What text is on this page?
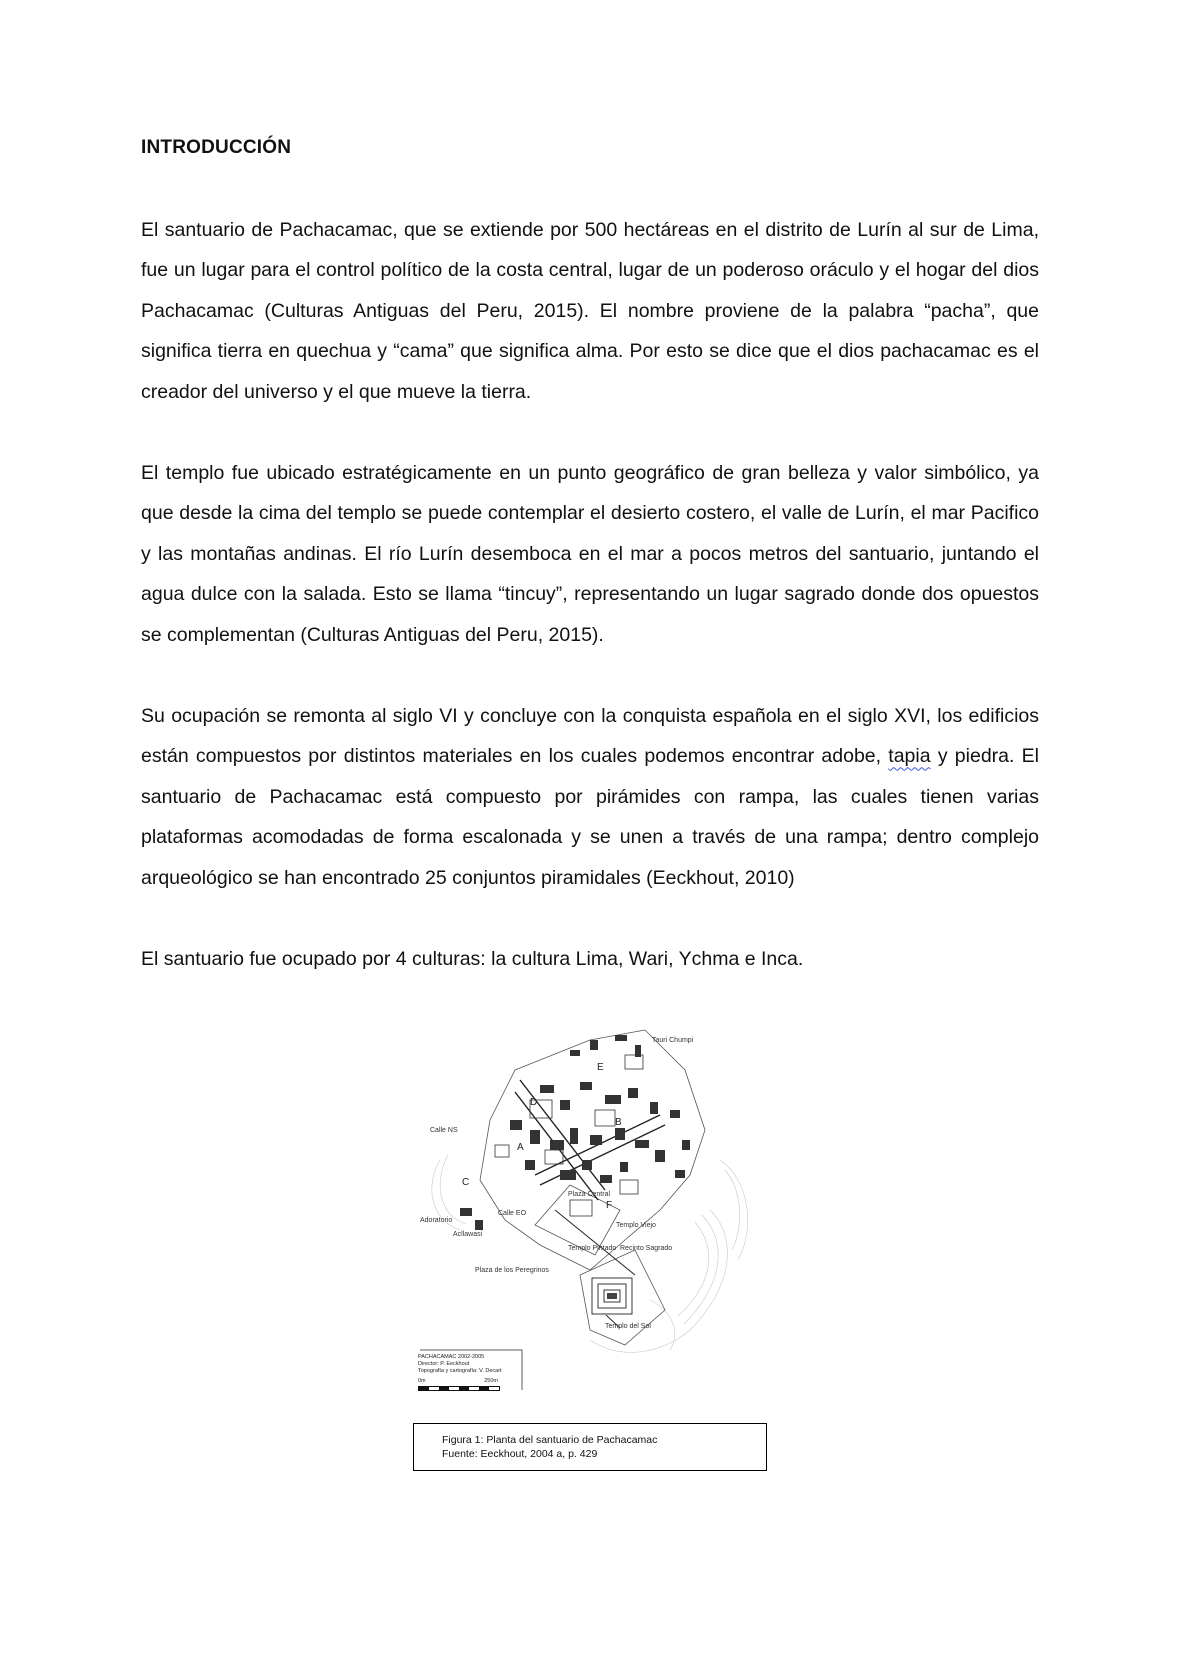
INTRODUCCIÓN

El santuario de Pachacamac, que se extiende por 500 hectáreas en el distrito de Lurín al sur de Lima, fue un lugar para el control político de la costa central, lugar de un poderoso oráculo y el hogar del dios Pachacamac (Culturas Antiguas del Peru, 2015). El nombre proviene de la palabra “pacha”, que significa tierra en quechua y “cama” que significa alma. Por esto se dice que el dios pachacamac es el creador del universo y el que mueve la tierra.

El templo fue ubicado estratégicamente en un punto geográfico de gran belleza y valor simbólico, ya que desde la cima del templo se puede contemplar el desierto costero, el valle de Lurín, el mar Pacifico y las montañas andinas. El río Lurín desemboca en el mar a pocos metros del santuario, juntando el agua dulce con la salada. Esto se llama “tincuy”, representando un lugar sagrado donde dos opuestos se complementan (Culturas Antiguas del Peru, 2015).

Su ocupación se remonta al siglo VI y concluye con la conquista española en el siglo XVI, los edificios están compuestos por distintos materiales en los cuales podemos encontrar adobe, tapia y piedra. El santuario de Pachacamac está compuesto por pirámides con rampa, las cuales tienen varias plataformas acomodadas de forma escalonada y se unen a través de una rampa; dentro complejo arqueológico se han encontrado 25 conjuntos piramidales (Eeckhout, 2010)

El santuario fue ocupado por 4 culturas: la cultura Lima, Wari, Ychma e Inca.

A
B
C
D
E
F
Tauri Chumpi
Templo Pintado Recinto Sagrado
Templo Viejo
Templo del Sol
Plaza de los Peregrinos
Adoratorio
Calle NS
Calle EO
Plaza Central
Acllawasi
PACHACAMAC 2002-2005
Director: P. Eeckhout
Topografía y cartografía: V. Decart
0m	250m
Figura 1: Planta del santuario de Pachacamac
Fuente: Eeckhout, 2004 a, p. 429
